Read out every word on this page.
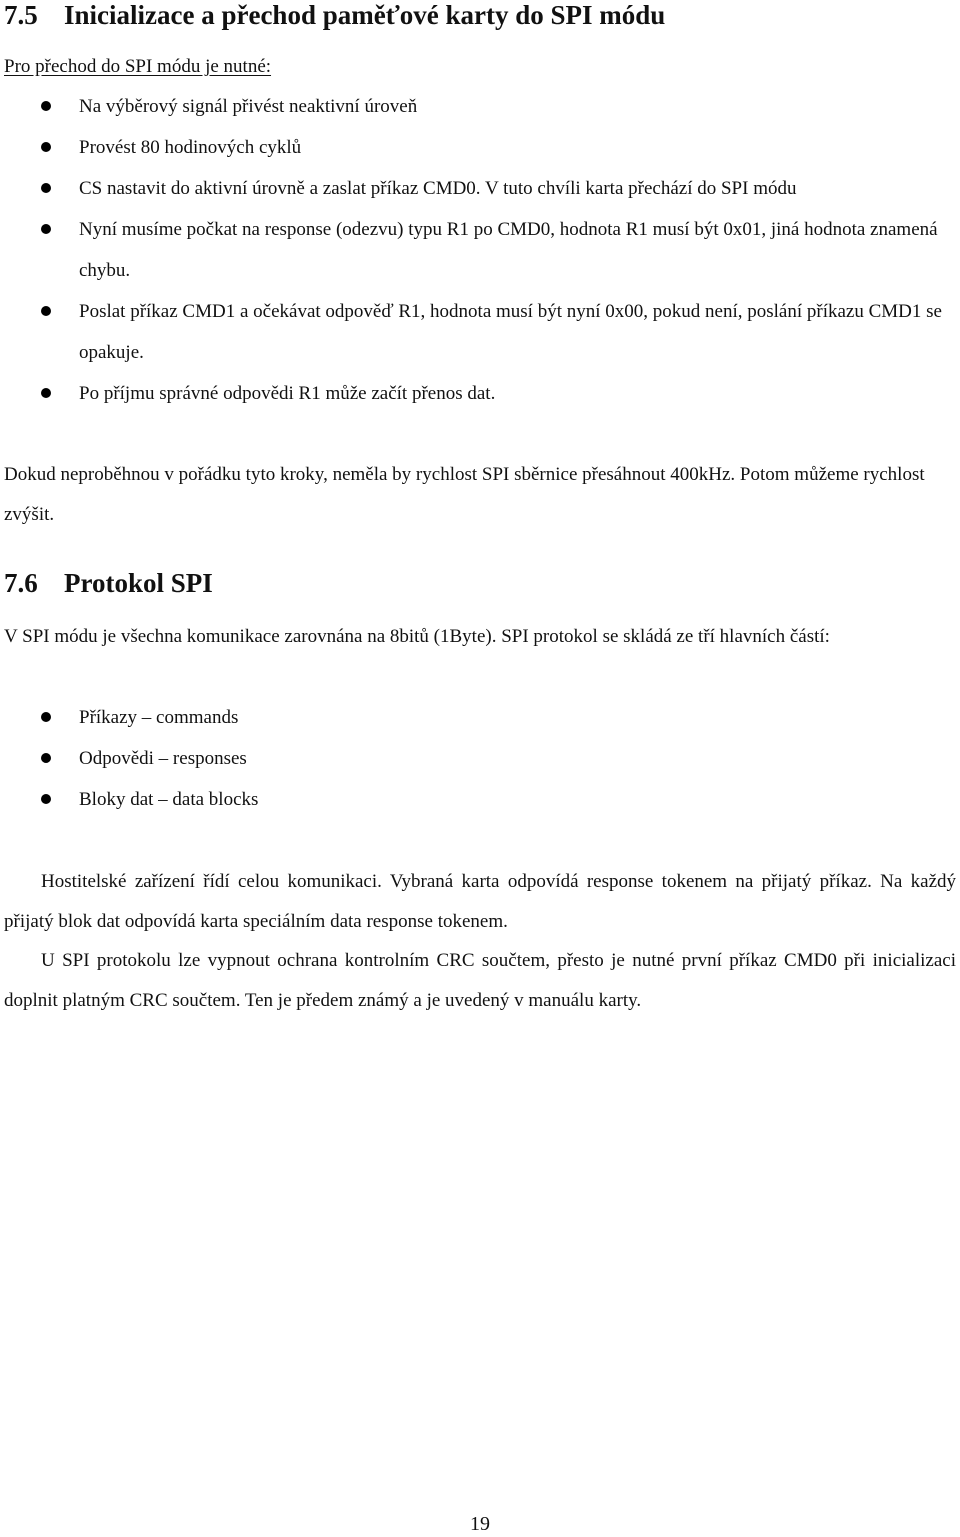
7.5 Inicializace a přechod paměťové karty do SPI módu
Pro přechod do SPI módu je nutné:
Na výběrový signál přivést neaktivní úroveň
Provést 80 hodinových cyklů
CS nastavit do aktivní úrovně a zaslat příkaz CMD0. V tuto chvíli karta přechází do SPI módu
Nyní musíme počkat na response (odezvu) typu R1 po CMD0, hodnota R1 musí být 0x01, jiná hodnota znamená chybu.
Poslat příkaz CMD1 a očekávat odpověď R1, hodnota musí být nyní 0x00, pokud není, poslání příkazu CMD1 se opakuje.
Po příjmu správné odpovědi R1 může začít přenos dat.

Dokud neproběhnou v pořádku tyto kroky, neměla by rychlost SPI sběrnice přesáhnout 400kHz. Potom můžeme rychlost zvýšit.

7.6 Protokol SPI

V SPI módu je všechna komunikace zarovnána na 8bitů (1Byte). SPI protokol se skládá ze tří hlavních částí:

Příkazy – commands
Odpovědi – responses
Bloky dat – data blocks

Hostitelské zařízení řídí celou komunikaci. Vybraná karta odpovídá response tokenem na přijatý příkaz. Na každý přijatý blok dat odpovídá karta speciálním data response tokenem.

U SPI protokolu lze vypnout ochrana kontrolním CRC součtem, přesto je nutné první příkaz CMD0 při inicializaci doplnit platným CRC součtem. Ten je předem známý a je uvedený v manuálu karty.

19
